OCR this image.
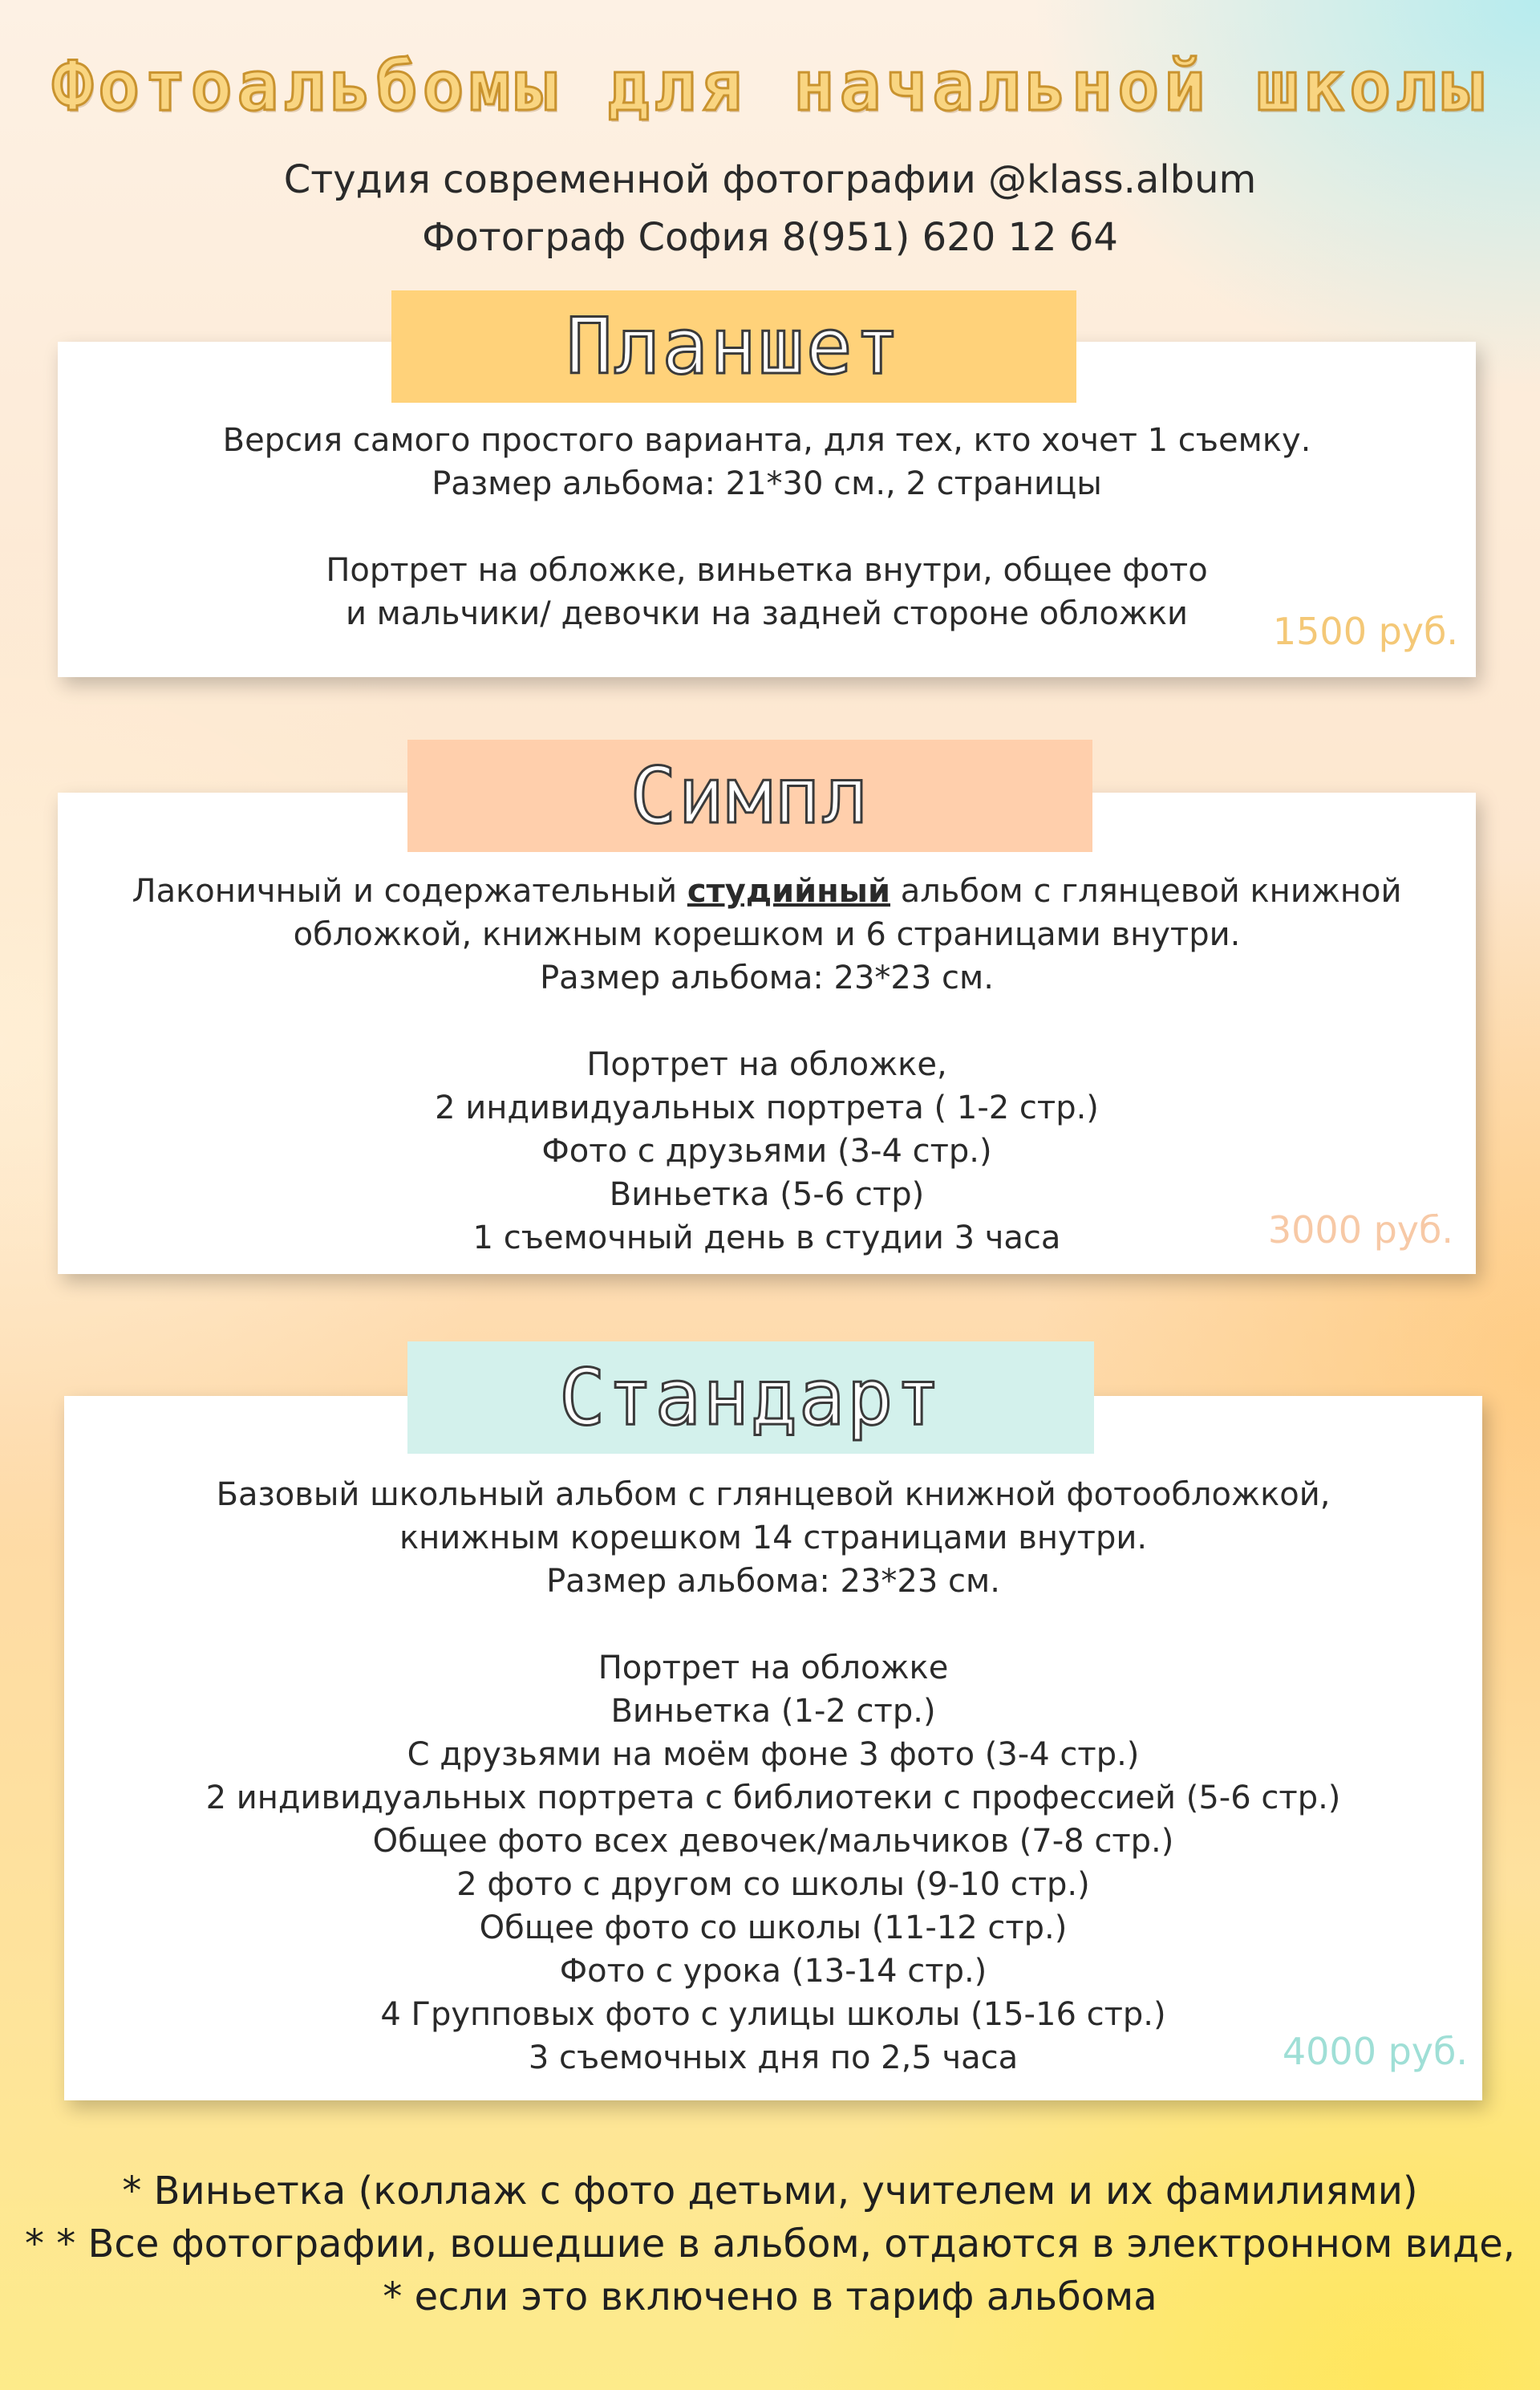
Фотоальбомы для начальной школы
Студия современной фотографии @klass.album
Фотограф София 8(951) 620 12 64
Версия самого простого варианта, для тех, кто хочет 1 съемку.
Размер альбома: 21*30 см., 2 страницы
Портрет на обложке, виньетка внутри, общее фото
и мальчики/ девочки на задней стороне обложки	1500 руб.
Планшет
Лаконичный и содержательный студийный альбом с глянцевой книжной
обложкой, книжным корешком и 6 страницами внутри.
Размер альбома: 23*23 см.
Портрет на обложке,
2 индивидуальных портрета ( 1-2 стр.)
Фото с друзьями (3-4 стр.)
Виньетка (5-6 стр)
1 съемочный день в студии 3 часа	3000 руб.
Симпл
Базовый школьный альбом с глянцевой книжной фотообложкой,
книжным корешком 14 страницами внутри.
Размер альбома: 23*23 см.
Портрет на обложке
Виньетка (1-2 стр.)
С друзьями на моём фоне 3 фото (3-4 стр.)
2 индивидуальных портрета с библиотеки с профессией (5-6 стр.)
Общее фото всех девочек/мальчиков (7-8 стр.)
2 фото с другом со школы (9-10 стр.)
Общее фото со школы (11-12 стр.)
Фото с урока (13-14 стр.)
4 Групповых фото с улицы школы (15-16 стр.)
3 съемочных дня по 2,5 часа	4000 руб.
Стандарт
* Виньетка (коллаж с фото детьми, учителем и их фамилиями)
* * Все фотографии, вошедшие в альбом, отдаются в электронном виде,
* если это включено в тариф альбома
